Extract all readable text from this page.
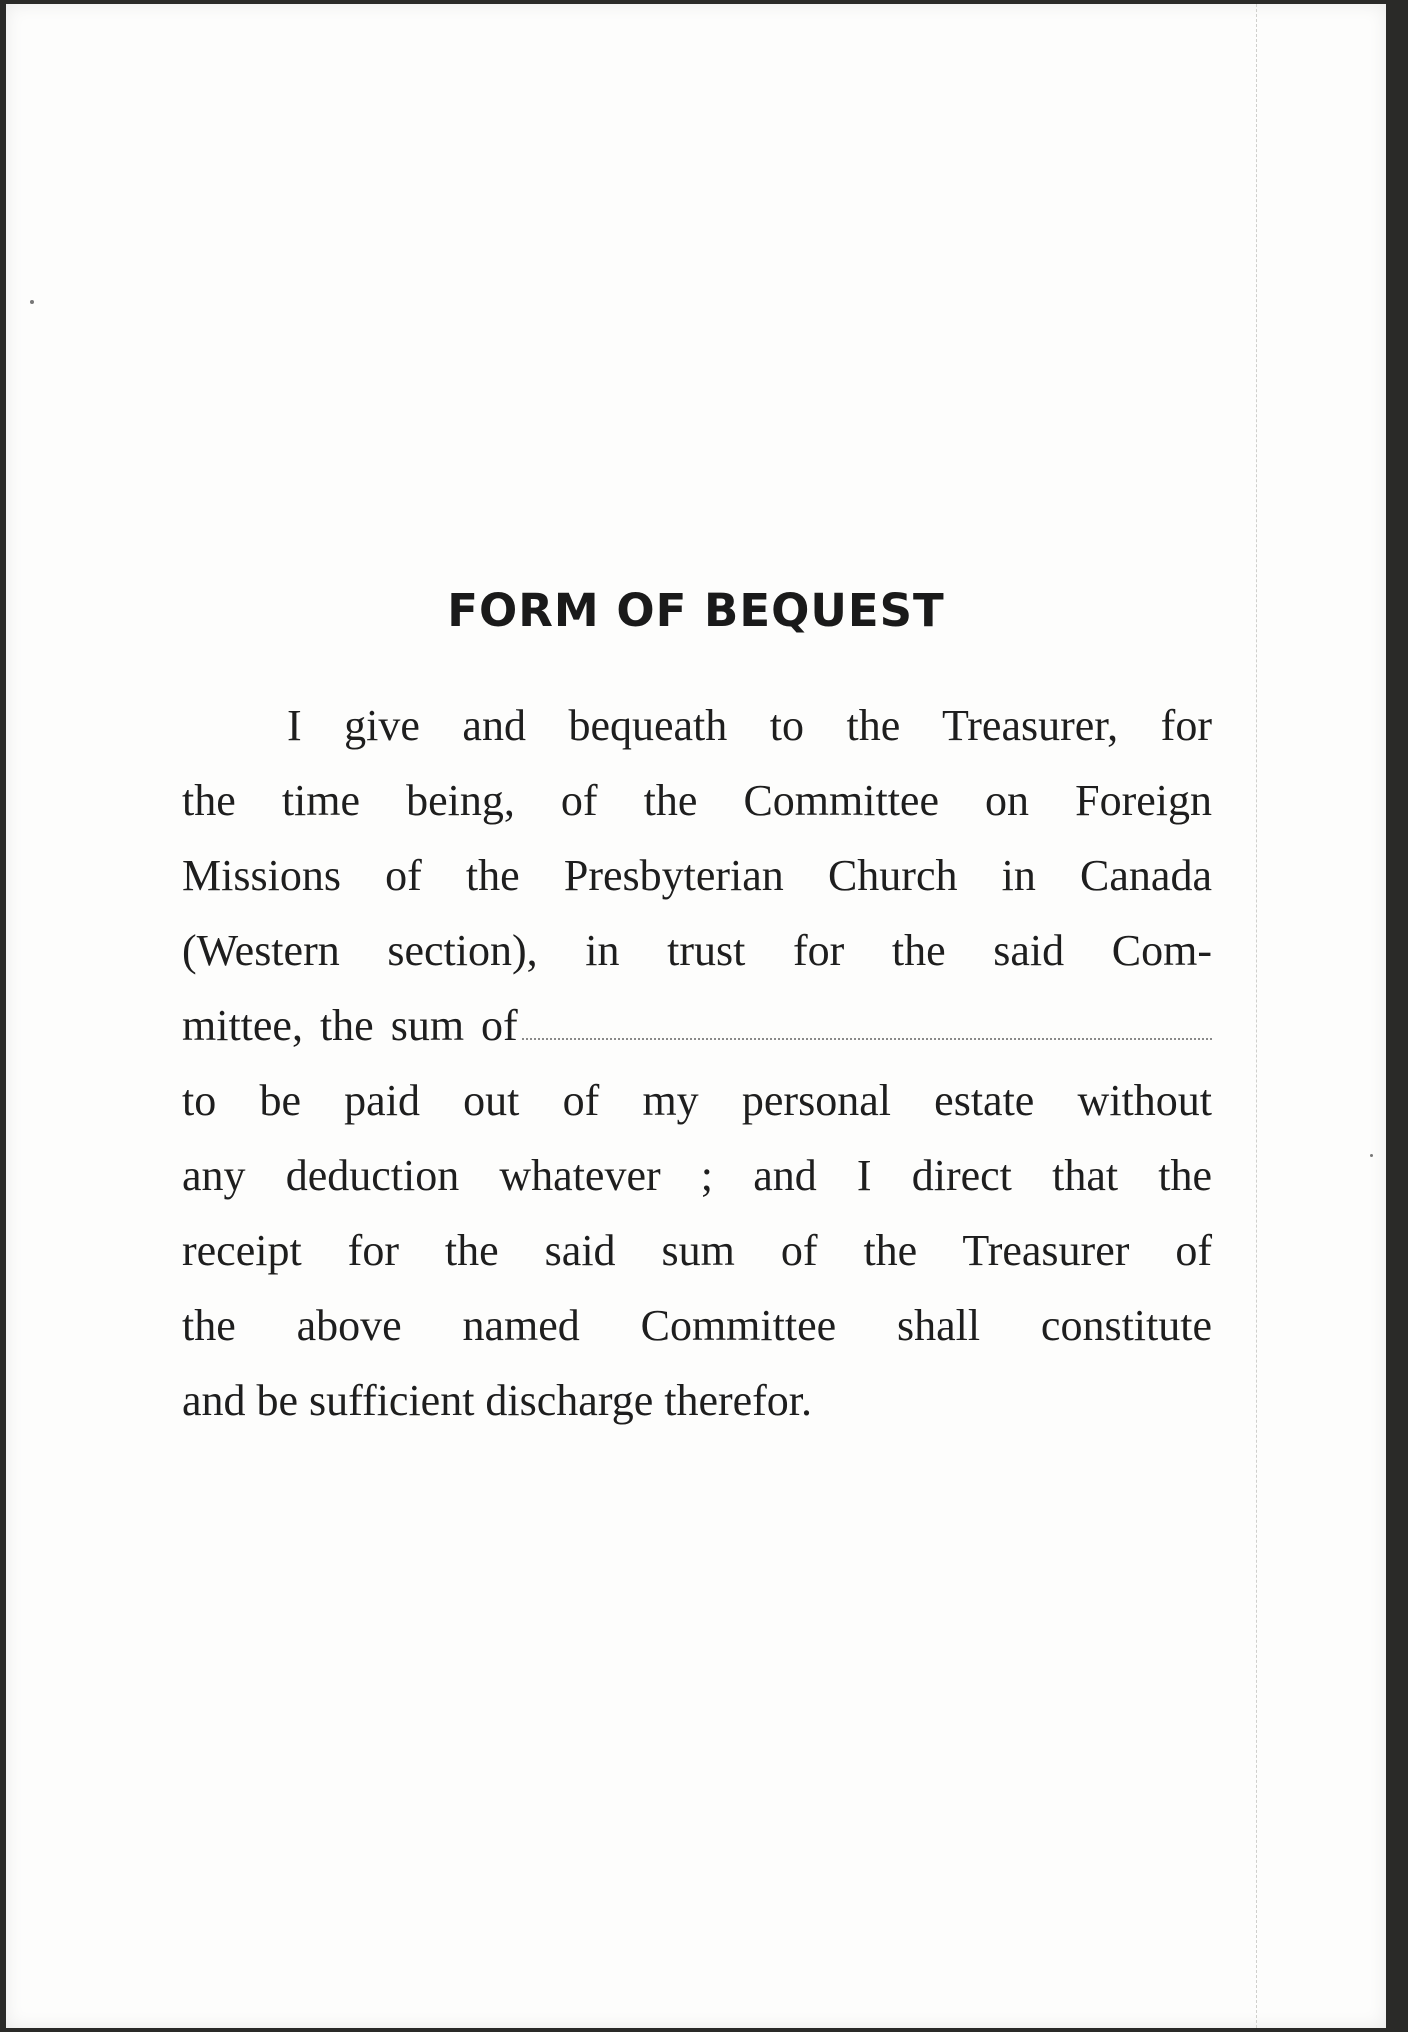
FORM OF BEQUEST
I give and bequeath to the Treasurer, for
the time being, of the Committee on Foreign
Missions of the Presbyterian Church in Canada
(Western section), in trust for the said Com-
mittee, the sum of
to be paid out of my personal estate without
any deduction whatever ; and I direct that the
receipt for the said sum of the Treasurer of
the above named Committee shall constitute
and be sufficient discharge therefor.
